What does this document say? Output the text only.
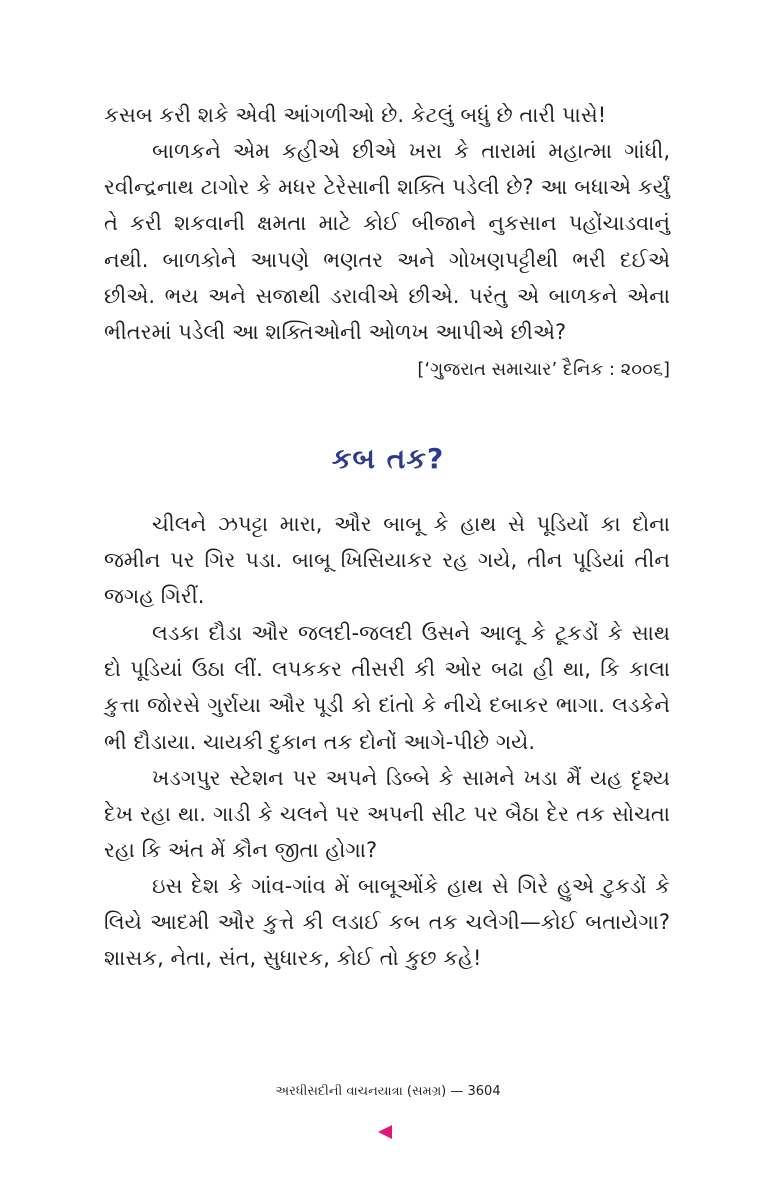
કસબ કરી શકે એવી આંગળીઓ છે. કેટલું બધું છે તારી પાસે!

બાળકને એમ કહીએ છીએ ખરા કે તારામાં મહાત્મા ગાંધી, રવીન્દ્રનાથ ટાગોર કે મધર ટેરેસાની શક્તિ પડેલી છે? આ બધાએ કર્યું તે કરી શકવાની ક્ષમતા માટે કોઈ બીજાને નુકસાન પહોંચાડવાનું નથી. બાળકોને આપણે ભણતર અને ગોખણપટ્ટીથી ભરી દઈએ છીએ. ભય અને સજાથી ડરાવીએ છીએ. પરંતુ એ બાળકને એના ભીતરમાં પડેલી આ શક્તિઓની ઓળખ આપીએ છીએ?

[‘ગુજરાત સમાચાર’ દૈનિક : ૨૦૦૬]

કબ તક?

ચીલને ઝપટ્ટા મારા, ઔર બાબૂ કે હાથ સે પૂડિયોં કા દોના જમીન પર ગિર પડા. બાબૂ ખિસિયાકર રહ ગયે, તીન પૂડિયાં તીન જગહ ગિરીં.

લડકા દૌડા ઔર જલદી-જલદી ઉસને આલૂ કે ટૂકડોં કે સાથ દો પૂડિયાં ઉઠા લીં. લપકકર તીસરી કી ઓર બઢા હી થા, કિ કાલા કુત્તા જોરસે ગુર્રાયા ઔર પૂડી કો દાંતો કે નીચે દબાકર ભાગા. લડકેને ભી દૌડાયા. ચાયકી દુકાન તક દોનોં આગે-પીછે ગયે.

ખડગપુર સ્ટેશન પર અપને ડિબ્બે કે સામને ખડા મૈં યહ દૃશ્ય દેખ રહા થા. ગાડી કે ચલને પર અપની સીટ પર બૈઠા દેર તક સોચતા રહા કિ અંત મેં કૌન જીતા હોગા?

ઇસ દેશ કે ગાંવ-ગાંવ મેં બાબૂઓંકે હાથ સે ગિરે હુએ ટુકડોં કે લિયે આદમી ઔર કુત્તે કી લડાઈ કબ તક ચલેગી—કોઈ બતાયેગા? શાસક, નેતા, સંત, સુધારક, કોઈ તો કુછ કહે!

અરધીસદીની વાચનયાત્રા (સમગ્ર) — 3604
